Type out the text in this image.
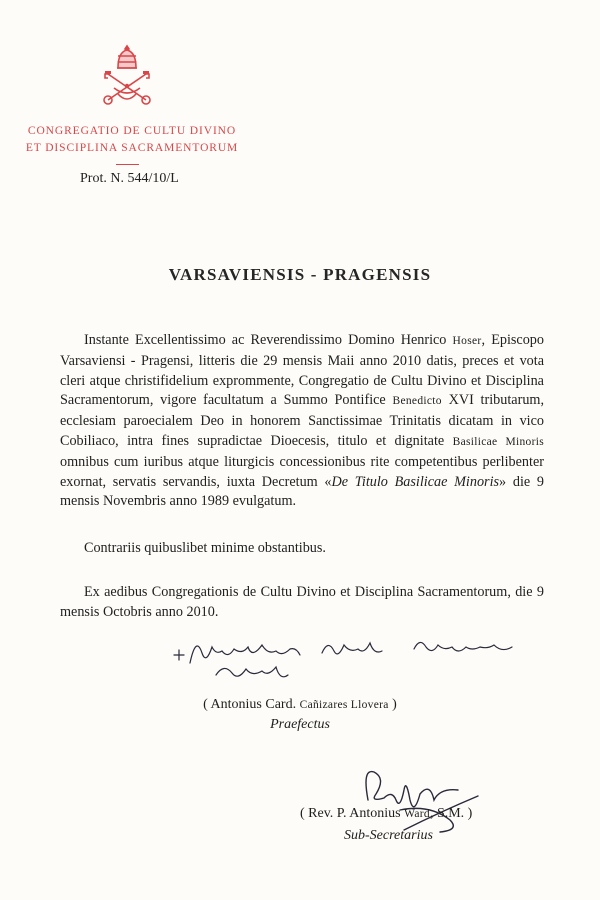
CONGREGATIO DE CULTU DIVINO
ET DISCIPLINA SACRAMENTORUM
Prot. N. 544/10/L
VARSAVIENSIS - PRAGENSIS
Instante Excellentissimo ac Reverendissimo Domino Henrico Hoser, Episcopo Varsaviensi - Pragensi, litteris die 29 mensis Maii anno 2010 datis, preces et vota cleri atque christifidelium exprommente, Congregatio de Cultu Divino et Disciplina Sacramentorum, vigore facultatum a Summo Pontifice Benedicto XVI tributarum, ecclesiam paroecialem Deo in honorem Sanctissimae Trinitatis dicatam in vico Cobiliaco, intra fines supradictae Dioecesis, titulo et dignitate Basilicae Minoris omnibus cum iuribus atque liturgicis concessionibus rite competentibus perlibenter exornat, servatis servandis, iuxta Decretum «De Titulo Basilicae Minoris» die 9 mensis Novembris anno 1989 evulgatum.
Contrariis quibuslibet minime obstantibus.
Ex aedibus Congregationis de Cultu Divino et Disciplina Sacramentorum, die 9 mensis Octobris anno 2010.
( Antonius Card. Cañizares Llovera )
Praefectus
( Rev. P. Antonius Ward, S.M. )
Sub-Secretarius
